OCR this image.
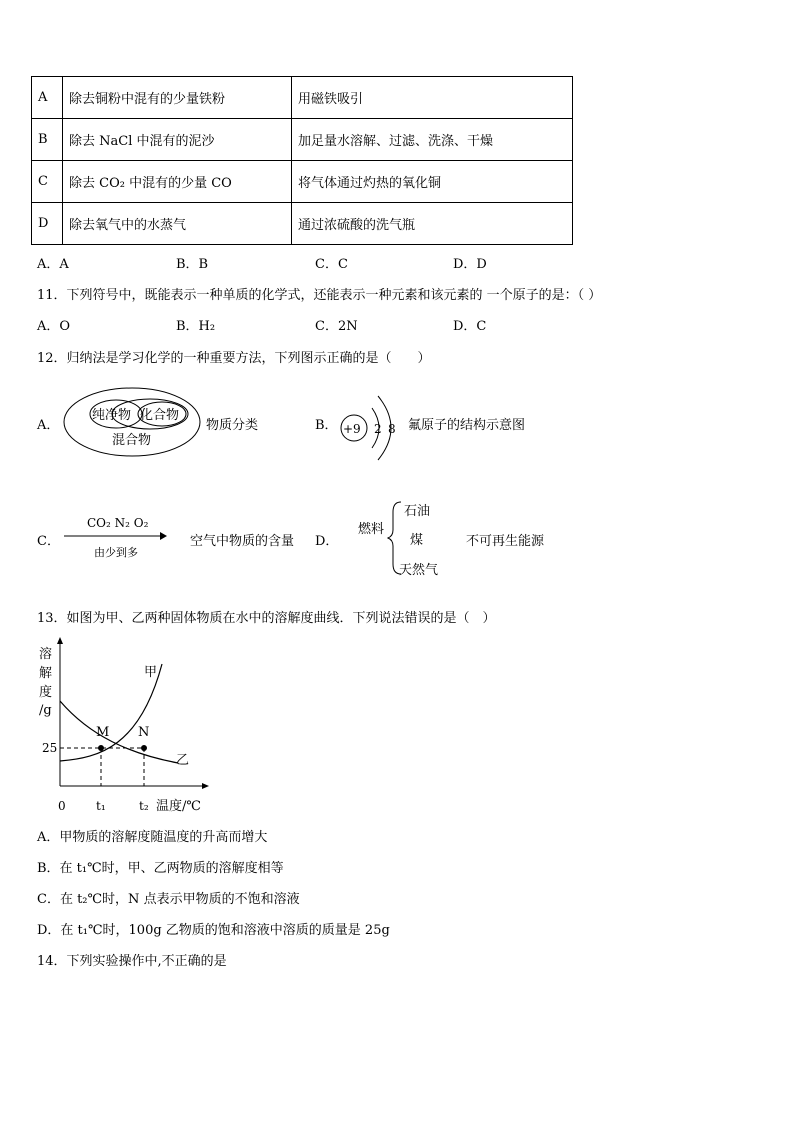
A	除去铜粉中混有的少量铁粉	用磁铁吸引
B	除去 NaCl 中混有的泥沙	加足量水溶解、过滤、洗涤、干燥
C	除去 CO₂ 中混有的少量 CO	将气体通过灼热的氧化铜
D	除去氧气中的水蒸气	通过浓硫酸的洗气瓶
A．A	B．B	C．C	D．D
11．下列符号中，既能表示一种单质的化学式，还能表示一种元素和该元素的 一个原子的是：（ ）
A．O	B．H₂	C．2N	D．C
12．归纳法是学习化学的一种重要方法，下列图示正确的是（　　）
A．
纯净物 化合物
混合物
物质分类	B． +9 2 8 氟原子的结构示意图
C．
CO₂ N₂ O₂
由少到多
空气中物质的含量 D．
燃料
石油
煤
天然气
不可再生能源
13．如图为甲、乙两种固体物质在水中的溶解度曲线．下列说法错误的是（　）
溶
解
度
/g
M N
甲
乙
25
0	t₁	t₂ 温度/℃
A．甲物质的溶解度随温度的升高而增大
B．在 t₁℃时，甲、乙两物质的溶解度相等
C．在 t₂℃时，N 点表示甲物质的不饱和溶液
D．在 t₁℃时，100g 乙物质的饱和溶液中溶质的质量是 25g
14．下列实验操作中,不正确的是
